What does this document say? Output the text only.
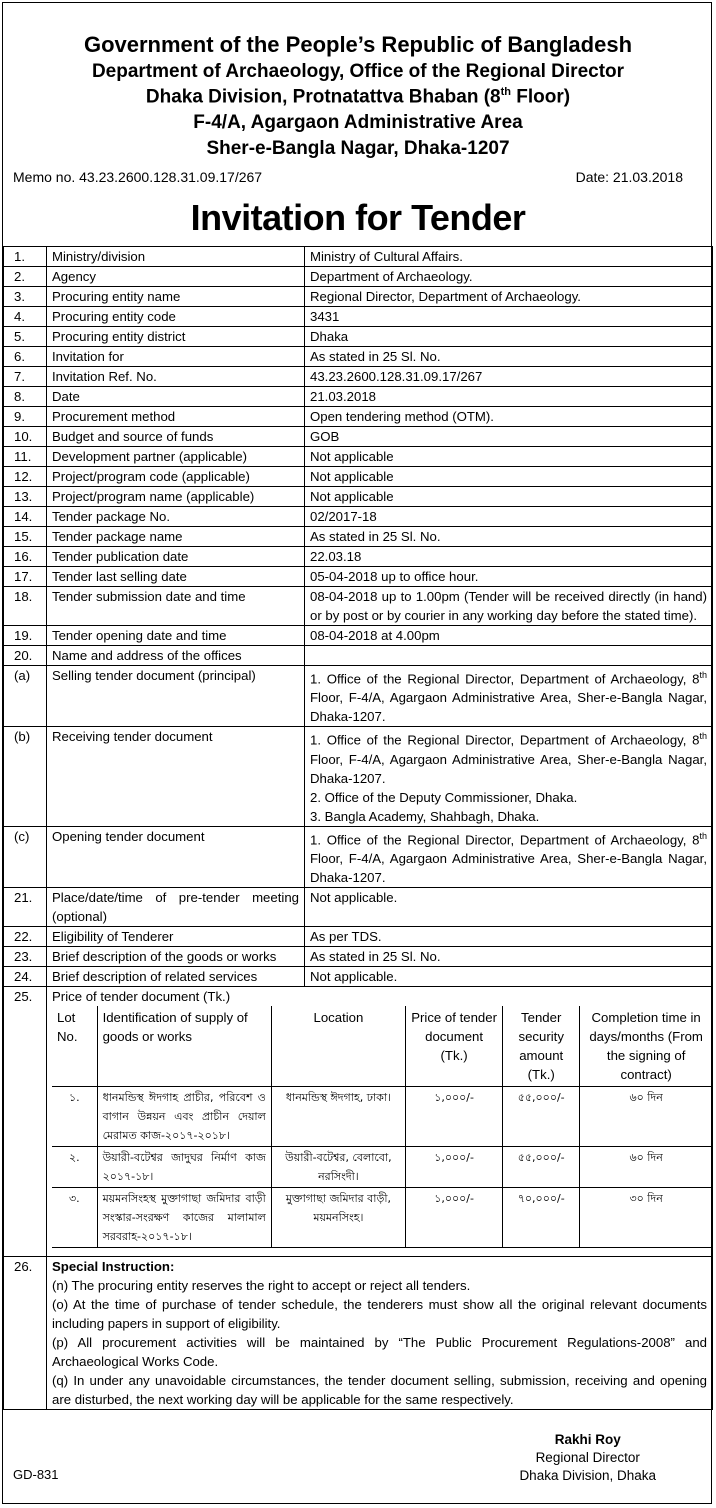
Government of the People’s Republic of Bangladesh
Department of Archaeology, Office of the Regional Director
Dhaka Division, Protnatattva Bhaban (8th Floor)
F-4/A, Agargaon Administrative Area
Sher-e-Bangla Nagar, Dhaka-1207
Memo no. 43.23.2600.128.31.09.17/267	Date: 21.03.2018
Invitation for Tender
1.	Ministry/division	Ministry of Cultural Affairs.
2.	Agency	Department of Archaeology.
3.	Procuring entity name	Regional Director, Department of Archaeology.
4.	Procuring entity code	3431
5.	Procuring entity district	Dhaka
6.	Invitation for	As stated in 25 Sl. No.
7.	Invitation Ref. No.	43.23.2600.128.31.09.17/267
8.	Date	21.03.2018
9.	Procurement method	Open tendering method (OTM).
10.	Budget and source of funds	GOB
11.	Development partner (applicable)	Not applicable
12.	Project/program code (applicable)	Not applicable
13.	Project/program name (applicable)	Not applicable
14.	Tender package No.	02/2017-18
15.	Tender package name	As stated in 25 Sl. No.
16.	Tender publication date	22.03.18
17.	Tender last selling date	05-04-2018 up to office hour.
18.	Tender submission date and time	08-04-2018 up to 1.00pm (Tender will be received directly (in hand) or by post or by courier in any working day before the stated time).
19.	Tender opening date and time	08-04-2018 at 4.00pm
20.	Name and address of the offices	
(a)	Selling tender document (principal)	1. Office of the Regional Director, Department of Archaeology, 8th Floor, F-4/A, Agargaon Administrative Area, Sher-e-Bangla Nagar, Dhaka-1207.
(b)	Receiving tender document	1. Office of the Regional Director, Department of Archaeology, 8th Floor, F-4/A, Agargaon Administrative Area, Sher-e-Bangla Nagar, Dhaka-1207.
2. Office of the Deputy Commissioner, Dhaka.
3. Bangla Academy, Shahbagh, Dhaka.
(c)	Opening tender document	1. Office of the Regional Director, Department of Archaeology, 8th Floor, F-4/A, Agargaon Administrative Area, Sher-e-Bangla Nagar, Dhaka-1207.
21.	Place/date/time of pre-tender meeting (optional)	Not applicable.
22.	Eligibility of Tenderer	As per TDS.
23.	Brief description of the goods or works	As stated in 25 Sl. No.
24.	Brief description of related services	Not applicable.
25.	Price of tender document (Tk.)
Lot No.	Identification of supply of goods or works	Location	Price of tender document (Tk.)	Tender security amount (Tk.)	Completion time in days/months (From the signing of contract)
১.	ধানমন্ডিস্থ ঈদগাহ প্রাচীর, পরিবেশ ও বাগান উন্নয়ন এবং প্রাচীন দেয়াল মেরামত কাজ-২০১৭-২০১৮।	ধানমন্ডিস্থ ঈদগাহ, ঢাকা।	১,০০০/-	৫৫,০০০/-	৬০ দিন
২.	উয়ারী-বটেশ্বর জাদুঘর নির্মাণ কাজ ২০১৭-১৮।	উয়ারী-বটেশ্বর, বেলাবো, নরসিংদী।	১,০০০/-	৫৫,০০০/-	৬০ দিন
৩.	ময়মনসিংহস্থ মুক্তাগাছা জমিদার বাড়ী সংস্কার-সংরক্ষণ কাজের মালামাল সরবরাহ-২০১৭-১৮।	মুক্তাগাছা জমিদার বাড়ী, ময়মনসিংহ।	১,০০০/-	৭০,০০০/-	৩০ দিন

26.	Special Instruction:
(n) The procuring entity reserves the right to accept or reject all tenders.
(o) At the time of purchase of tender schedule, the tenderers must show all the original relevant documents including papers in support of eligibility.
(p) All procurement activities will be maintained by “The Public Procurement Regulations-2008” and Archaeological Works Code.
(q) In under any unavoidable circumstances, the tender document selling, submission, receiving and opening are disturbed, the next working day will be applicable for the same respectively.
Rakhi Roy
Regional Director
Dhaka Division, Dhaka
GD-831
